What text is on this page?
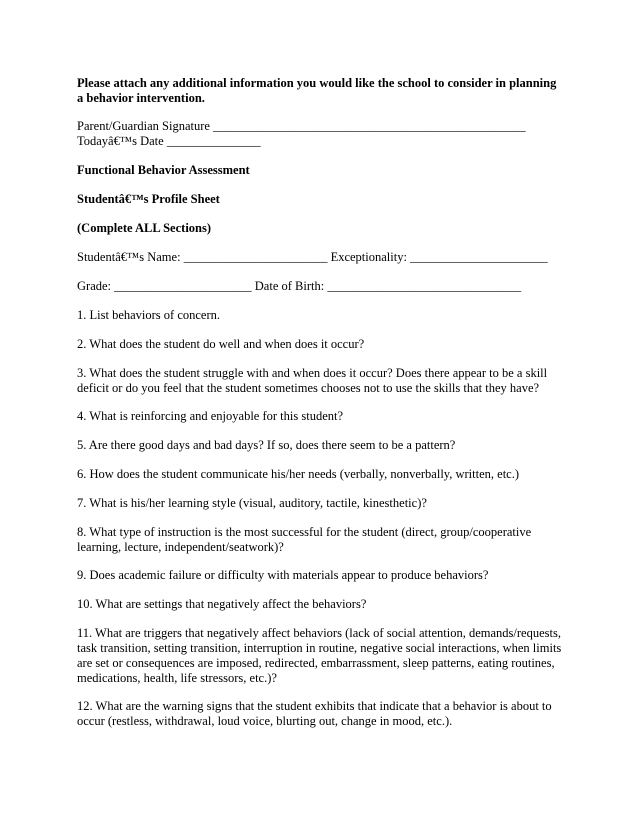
Please attach any additional information you would like the school to consider in planning
a behavior intervention.
Parent/Guardian Signature __________________________________________________
Todayâ€™s Date _______________
Functional Behavior Assessment
Studentâ€™s Profile Sheet
(Complete ALL Sections)
Studentâ€™s Name: _______________________ Exceptionality: ______________________
Grade: ______________________ Date of Birth: _______________________________
1. List behaviors of concern.
2. What does the student do well and when does it occur?
3. What does the student struggle with and when does it occur? Does there appear to be a skill
deficit or do you feel that the student sometimes chooses not to use the skills that they have?
4. What is reinforcing and enjoyable for this student?
5. Are there good days and bad days? If so, does there seem to be a pattern?
6. How does the student communicate his/her needs (verbally, nonverbally, written, etc.)
7. What is his/her learning style (visual, auditory, tactile, kinesthetic)?
8. What type of instruction is the most successful for the student (direct, group/cooperative
learning, lecture, independent/seatwork)?
9. Does academic failure or difficulty with materials appear to produce behaviors?
10. What are settings that negatively affect the behaviors?
11. What are triggers that negatively affect behaviors (lack of social attention, demands/requests,
task transition, setting transition, interruption in routine, negative social interactions, when limits
are set or consequences are imposed, redirected, embarrassment, sleep patterns, eating routines,
medications, health, life stressors, etc.)?
12. What are the warning signs that the student exhibits that indicate that a behavior is about to
occur (restless, withdrawal, loud voice, blurting out, change in mood, etc.).
